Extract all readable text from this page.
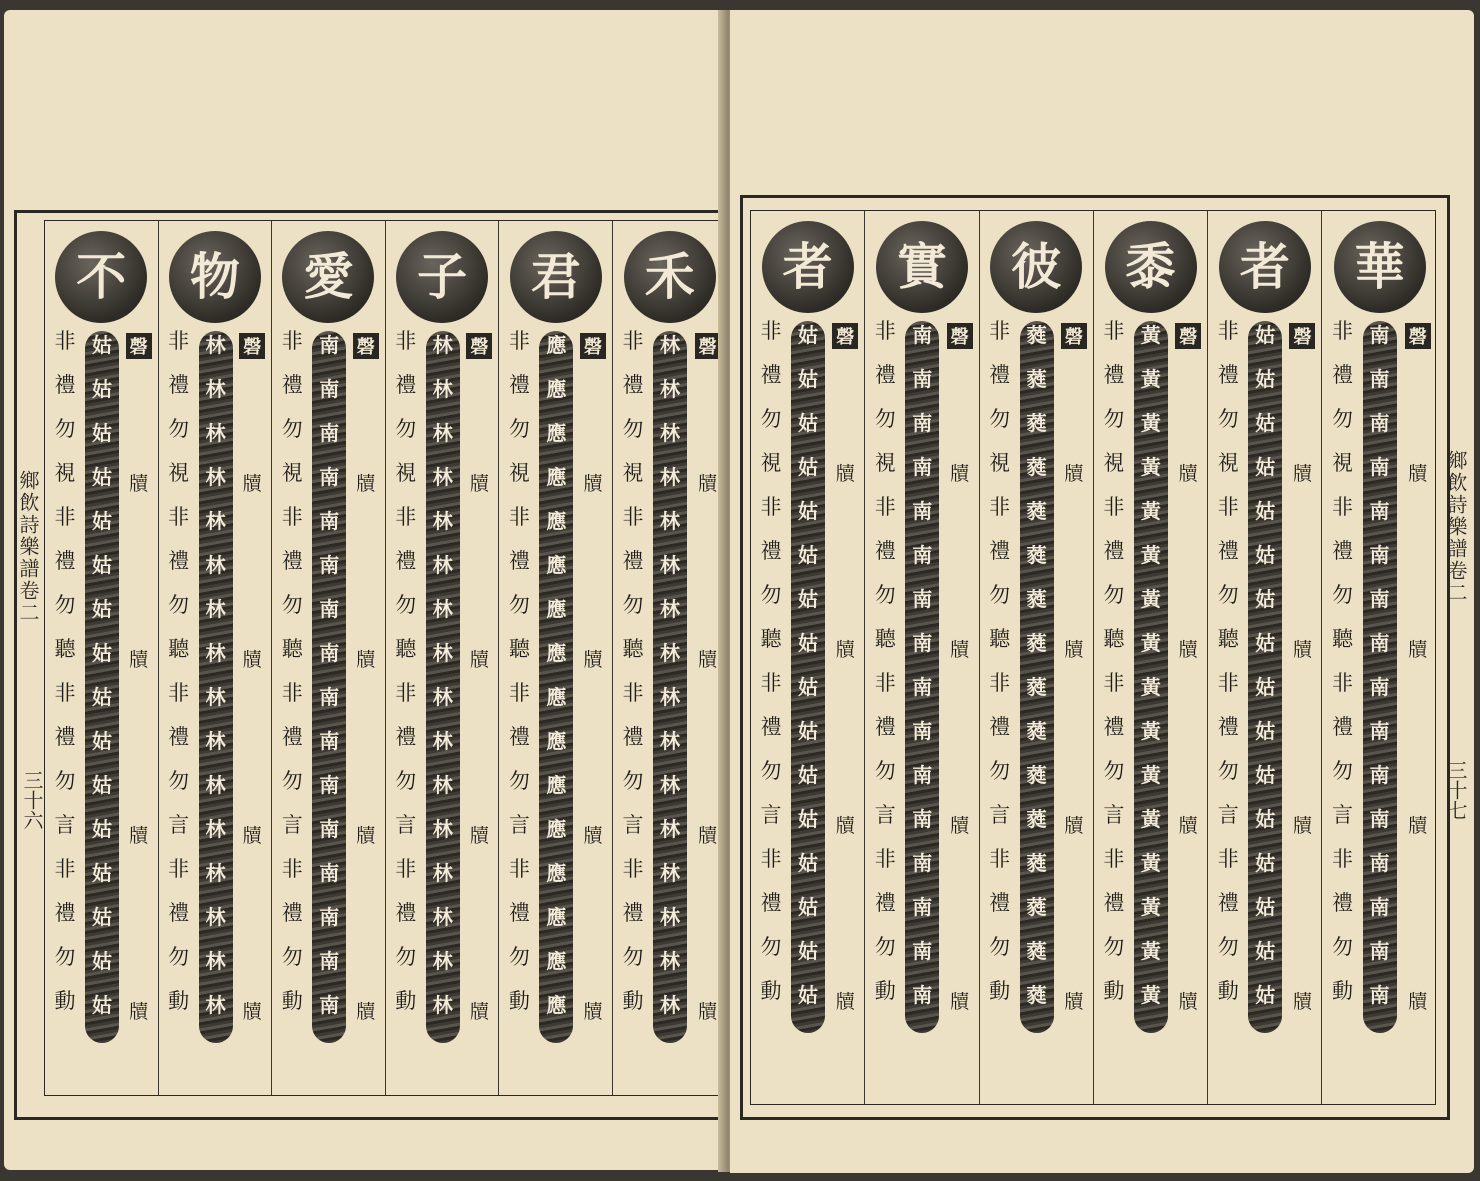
不
非
禮
勿
視
非
禮
勿
聽
非
禮
勿
言
非
禮
勿
動
姑
姑
姑
姑
姑
姑
姑
姑
姑
姑
姑
姑
姑
姑
姑
姑
磬
牘
牘
牘
牘
物
非
禮
勿
視
非
禮
勿
聽
非
禮
勿
言
非
禮
勿
動
林
林
林
林
林
林
林
林
林
林
林
林
林
林
林
林
磬
牘
牘
牘
牘
愛
非
禮
勿
視
非
禮
勿
聽
非
禮
勿
言
非
禮
勿
動
南
南
南
南
南
南
南
南
南
南
南
南
南
南
南
南
磬
牘
牘
牘
牘
子
非
禮
勿
視
非
禮
勿
聽
非
禮
勿
言
非
禮
勿
動
林
林
林
林
林
林
林
林
林
林
林
林
林
林
林
林
磬
牘
牘
牘
牘
君
非
禮
勿
視
非
禮
勿
聽
非
禮
勿
言
非
禮
勿
動
應
應
應
應
應
應
應
應
應
應
應
應
應
應
應
應
磬
牘
牘
牘
牘
禾
非
禮
勿
視
非
禮
勿
聽
非
禮
勿
言
非
禮
勿
動
林
林
林
林
林
林
林
林
林
林
林
林
林
林
林
林
磬
牘
牘
牘
牘
鄉飲詩樂譜卷二
三十六
者
非
禮
勿
視
非
禮
勿
聽
非
禮
勿
言
非
禮
勿
動
姑
姑
姑
姑
姑
姑
姑
姑
姑
姑
姑
姑
姑
姑
姑
姑
磬
牘
牘
牘
牘
實
非
禮
勿
視
非
禮
勿
聽
非
禮
勿
言
非
禮
勿
動
南
南
南
南
南
南
南
南
南
南
南
南
南
南
南
南
磬
牘
牘
牘
牘
彼
非
禮
勿
視
非
禮
勿
聽
非
禮
勿
言
非
禮
勿
動
蕤
蕤
蕤
蕤
蕤
蕤
蕤
蕤
蕤
蕤
蕤
蕤
蕤
蕤
蕤
蕤
磬
牘
牘
牘
牘
黍
非
禮
勿
視
非
禮
勿
聽
非
禮
勿
言
非
禮
勿
動
黃
黃
黃
黃
黃
黃
黃
黃
黃
黃
黃
黃
黃
黃
黃
黃
磬
牘
牘
牘
牘
者
非
禮
勿
視
非
禮
勿
聽
非
禮
勿
言
非
禮
勿
動
姑
姑
姑
姑
姑
姑
姑
姑
姑
姑
姑
姑
姑
姑
姑
姑
磬
牘
牘
牘
牘
華
非
禮
勿
視
非
禮
勿
聽
非
禮
勿
言
非
禮
勿
動
南
南
南
南
南
南
南
南
南
南
南
南
南
南
南
南
磬
牘
牘
牘
牘
鄉飲詩樂譜卷二
三十七
